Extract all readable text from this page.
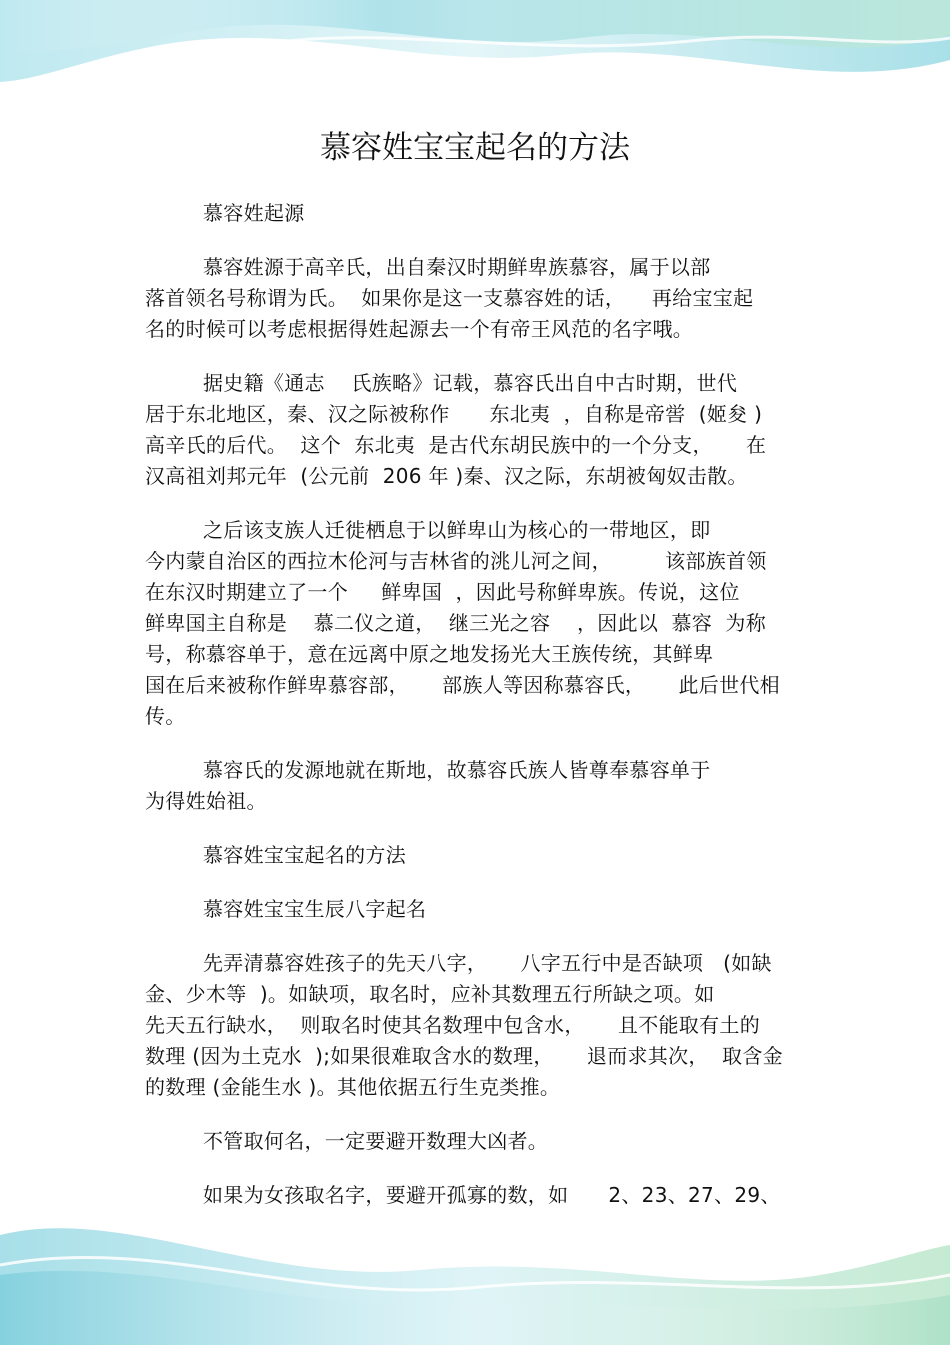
慕容姓宝宝起名的方法

慕容姓起源

慕容姓源于高辛氏，出自秦汉时期鲜卑族慕容，属于以部
落首领名号称谓为氏。  如果你是这一支慕容姓的话，    再给宝宝起
名的时候可以考虑根据得姓起源去一个有帝王风范的名字哦。

据史籍《通志    氏族略》记载，慕容氏出自中古时期，世代
居于东北地区，秦、汉之际被称作      东北夷  ，自称是帝喾  (姬夋 )
高辛氏的后代。  这个  东北夷  是古代东胡民族中的一个分支，     在
汉高祖刘邦元年  (公元前  206 年 )秦、汉之际，东胡被匈奴击散。

之后该支族人迁徙栖息于以鲜卑山为核心的一带地区，即
今内蒙自治区的西拉木伦河与吉林省的洮儿河之间，        该部族首领
在东汉时期建立了一个     鲜卑国  ，因此号称鲜卑族。传说，这位
鲜卑国主自称是    慕二仪之道，  继三光之容    ，因此以  慕容  为称
号，称慕容单于，意在远离中原之地发扬光大王族传统，其鲜卑
国在后来被称作鲜卑慕容部，     部族人等因称慕容氏，     此后世代相
传。

慕容氏的发源地就在斯地，故慕容氏族人皆尊奉慕容单于
为得姓始祖。

慕容姓宝宝起名的方法

慕容姓宝宝生辰八字起名

先弄清慕容姓孩子的先天八字，     八字五行中是否缺项   (如缺
金、少木等  )。如缺项，取名时，应补其数理五行所缺之项。如
先天五行缺水，  则取名时使其名数理中包含水，     且不能取有土的
数理 (因为土克水  );如果很难取含水的数理，     退而求其次，  取含金
的数理 (金能生水 )。其他依据五行生克类推。

不管取何名，一定要避开数理大凶者。

如果为女孩取名字，要避开孤寡的数，如      2、23、27、29、
